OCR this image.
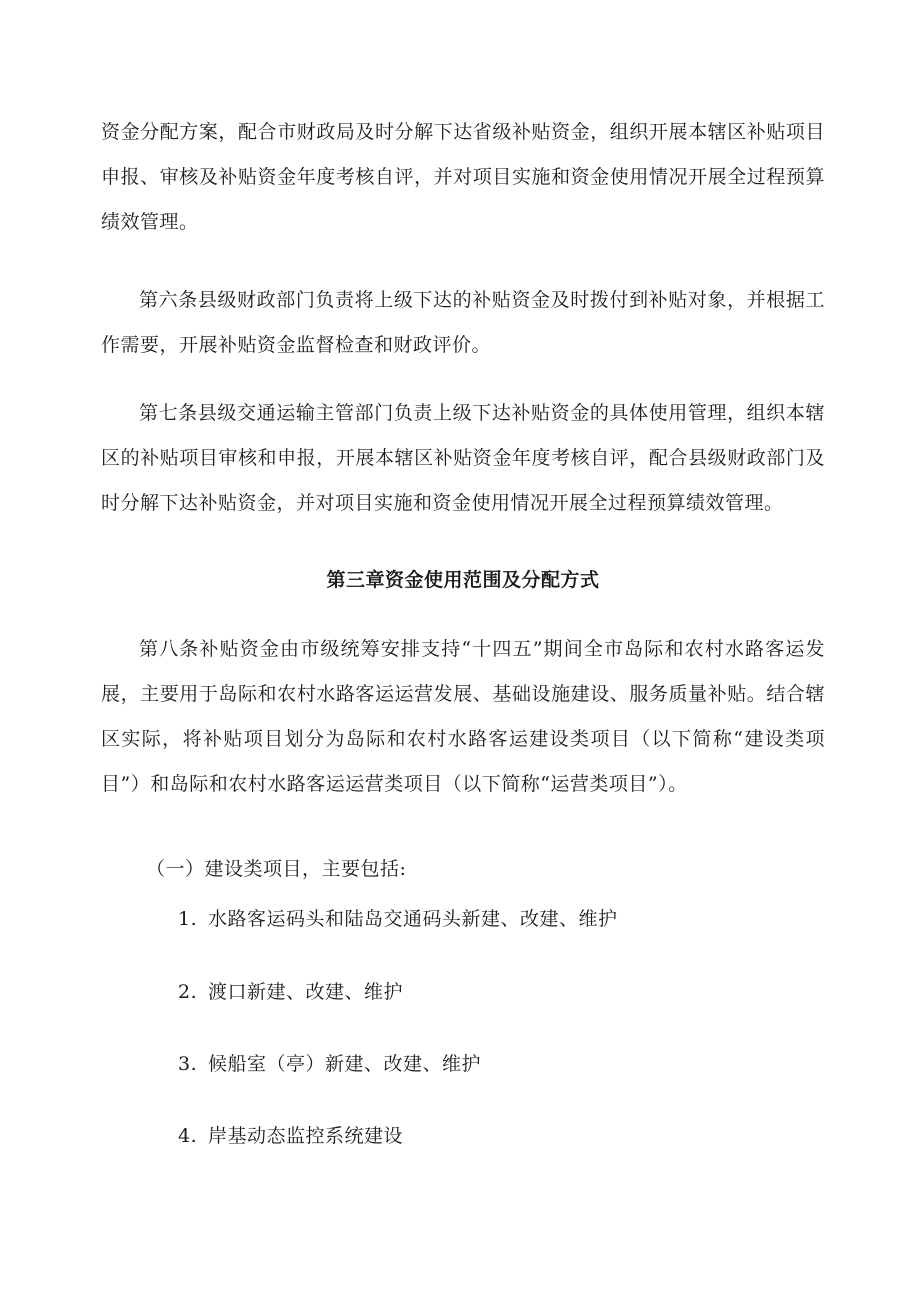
资金分配方案，配合市财政局及时分解下达省级补贴资金，组织开展本辖区补贴项目申报、审核及补贴资金年度考核自评，并对项目实施和资金使用情况开展全过程预算绩效管理。

第六条县级财政部门负责将上级下达的补贴资金及时拨付到补贴对象，并根据工作需要，开展补贴资金监督检查和财政评价。

第七条县级交通运输主管部门负责上级下达补贴资金的具体使用管理，组织本辖区的补贴项目审核和申报，开展本辖区补贴资金年度考核自评，配合县级财政部门及时分解下达补贴资金，并对项目实施和资金使用情况开展全过程预算绩效管理。

第三章资金使用范围及分配方式

第八条补贴资金由市级统筹安排支持“十四五”期间全市岛际和农村水路客运发展，主要用于岛际和农村水路客运运营发展、基础设施建设、服务质量补贴。结合辖区实际，将补贴项目划分为岛际和农村水路客运建设类项目（以下简称“建设类项目”）和岛际和农村水路客运运营类项目（以下简称“运营类项目”）。

（一）建设类项目，主要包括:

1. 水路客运码头和陆岛交通码头新建、改建、维护

2. 渡口新建、改建、维护

3. 候船室（亭）新建、改建、维护

4. 岸基动态监控系统建设
